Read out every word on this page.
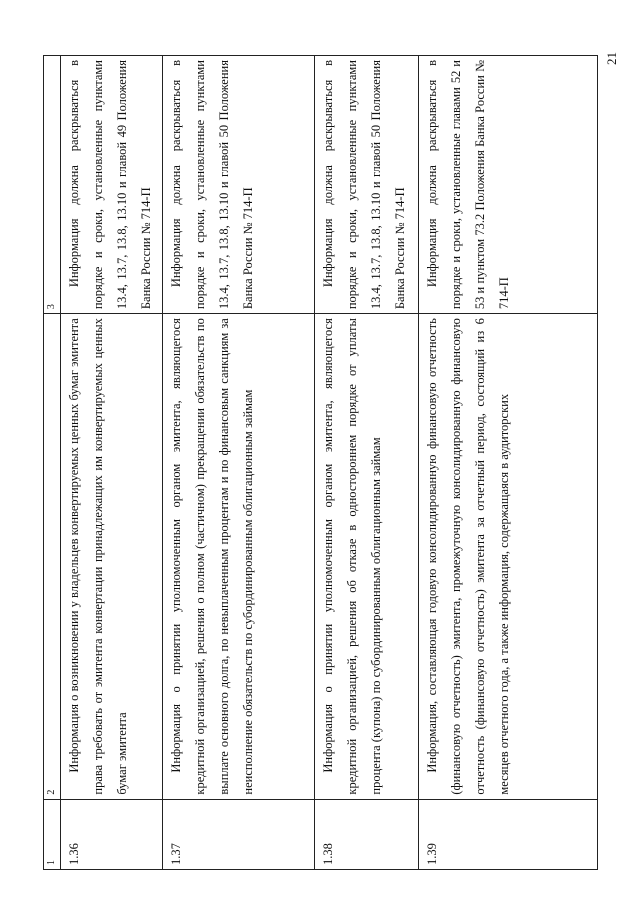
21
1	2	3
1.36	Информация о возникновении у владельцев конвертируемых ценных бумаг эмитента права требовать от эмитента конвертации принадлежащих им конвертируемых ценных бумаг эмитента	Информация должна раскрываться в порядке и сроки, установленные пунктами 13.4, 13.7, 13.8, 13.10 и главой 49 Положения Банка России № 714-П

1.37	Информация о принятии уполномоченным органом эмитента, являющегося кредитной организацией, решения о полном (частичном) прекращении обязательств по выплате основного долга, по невыплаченным процентам и по финансовым санкциям за неисполнение обязательств по субординированным облигационным займам	Информация должна раскрываться в порядке и сроки, установленные пунктами 13.4, 13.7, 13.8, 13.10 и главой 50 Положения Банка России № 714-П

1.38	Информация о принятии уполномоченным органом эмитента, являющегося кредитной организацией, решения об отказе в одностороннем порядке от уплаты процента (купона) по субординированным облигационным займам	Информация должна раскрываться в порядке и сроки, установленные пунктами 13.4, 13.7, 13.8, 13.10 и главой 50 Положения Банка России № 714-П

1.39	Информация, составляющая годовую консолидированную финансовую отчетность (финансовую отчетность) эмитента, промежуточную консолидированную финансовую отчетность (финансовую отчетность) эмитента за отчетный период, состоящий из 6 месяцев отчетного года, а также информация, содержащаяся в аудиторских	Информация должна раскрываться в порядке и сроки, установленные главами 52 и 53 и пунктом 73.2 Положения Банка России № 714-П
